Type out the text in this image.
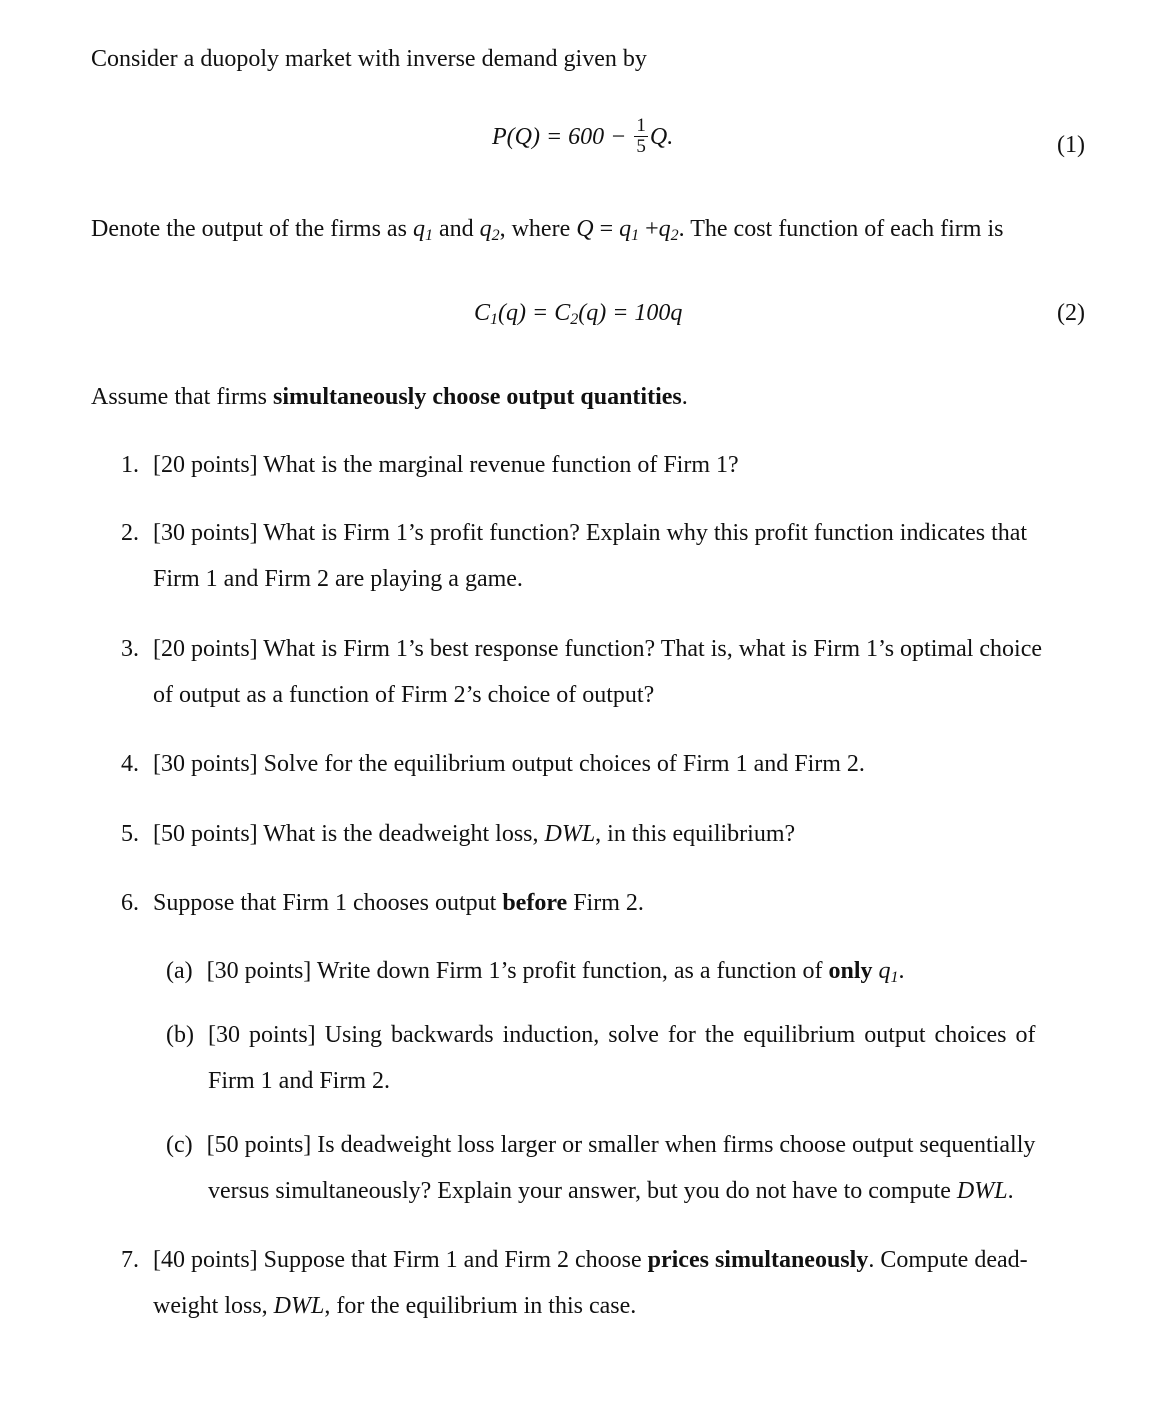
Consider a duopoly market with inverse demand given by
$P(Q) = 600 - \frac{1}{5} Q$.	(1)
Denote the output of the firms as $q_1$ and $q_2$, where $Q = q_1 +q_2$. The cost function of each firm is
$C_1(q) = C_2(q) = 100q$	(2)
Assume that firms simultaneously choose output quantities.
1. [20 points] What is the marginal revenue function of Firm 1?
2. [30 points] What is Firm 1’s profit function? Explain why this profit function indicates that
Firm 1 and Firm 2 are playing a game.
3. [20 points] What is Firm 1’s best response function? That is, what is Firm 1’s optimal choice
of output as a function of Firm 2’s choice of output?
4. [30 points] Solve for the equilibrium output choices of Firm 1 and Firm 2.
5. [50 points] What is the deadweight loss, DWL, in this equilibrium?
6. Suppose that Firm 1 chooses output before Firm 2.
(a) [30 points] Write down Firm 1’s profit function, as a function of only $q_1$.
(b) [30 points] Using backwards induction, solve for the equilibrium output choices of
Firm 1 and Firm 2.
(c) [50 points] Is deadweight loss larger or smaller when firms choose output sequentially
versus simultaneously? Explain your answer, but you do not have to compute DWL.
7. [40 points] Suppose that Firm 1 and Firm 2 choose prices simultaneously. Compute dead-
weight loss, DWL, for the equilibrium in this case.
